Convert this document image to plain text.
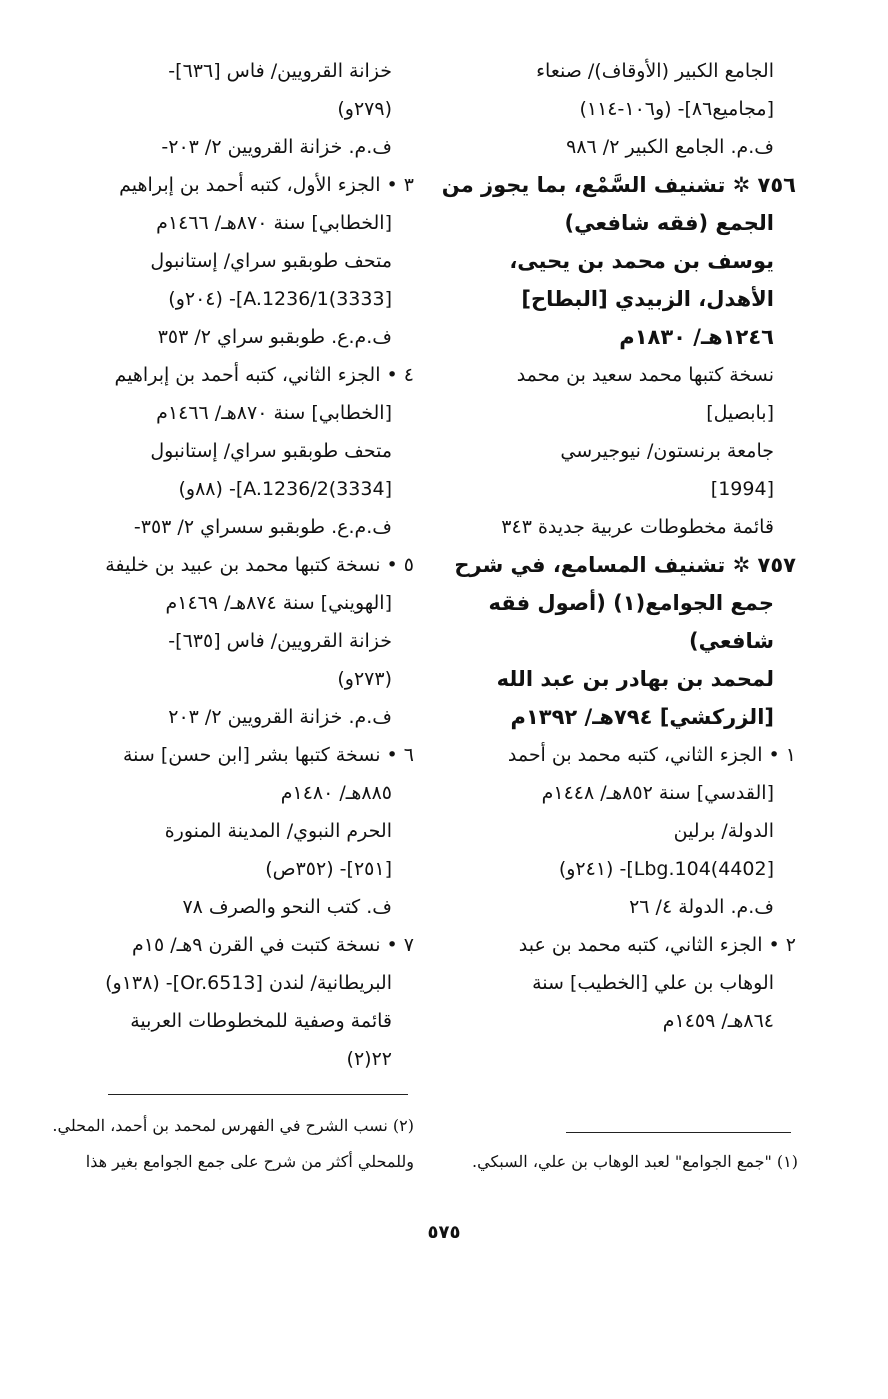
الجامع الكبير (الأوقاف)/ صنعاء
[مجاميع٨٦]- (و١٠٦-١١٤)
ف.م. الجامع الكبير ٢/ ٩٨٦
٧٥٦ ✲ تشنيف السَّمْع، بما يجوز من
الجمع (فقه شافعي)
يوسف بن محمد بن يحيى،
الأهدل، الزبيدي [البطاح]
١٢٤٦هـ/ ١٨٣٠م
نسخة كتبها محمد سعيد بن محمد
[بابصيل]
جامعة برنستون/ نيوجيرسي
[1994]
قائمة مخطوطات عربية جديدة ٣٤٣
٧٥٧ ✲ تشنيف المسامع، في شرح
جمع الجوامع(١) (أصول فقه
شافعي)
لمحمد بن بهادر بن عبد الله
[الزركشي] ٧٩٤هـ/ ١٣٩٢م
١ • الجزء الثاني، كتبه محمد بن أحمد
[القدسي] سنة ٨٥٢هـ/ ١٤٤٨م
الدولة/ برلين
[4402)Lbg.104]- (٢٤١و)
ف.م. الدولة ٤/ ٢٦
٢ • الجزء الثاني، كتبه محمد بن عبد
الوهاب بن علي [الخطيب] سنة
٨٦٤هـ/ ١٤٥٩م
خزانة القرويين/ فاس [٦٣٦]-
(٢٧٩و)
ف.م. خزانة القرويين ٢/ ٢٠٣-
٣ • الجزء الأول، كتبه أحمد بن إبراهيم
[الخطابي] سنة ٨٧٠هـ/ ١٤٦٦م
متحف طوبقبو سراي/ إستانبول
[3333)A.1236/1]- (٢٠٤و)
ف.م.ع. طوبقبو سراي ٢/ ٣٥٣
٤ • الجزء الثاني، كتبه أحمد بن إبراهيم
[الخطابي] سنة ٨٧٠هـ/ ١٤٦٦م
متحف طوبقبو سراي/ إستانبول
[3334)A.1236/2]- (٨٨و)
ف.م.ع. طوبقبو سسراي ٢/ ٣٥٣-
٥ • نسخة كتبها محمد بن عبيد بن خليفة
[الهويني] سنة ٨٧٤هـ/ ١٤٦٩م
خزانة القرويين/ فاس [٦٣٥]-
(٢٧٣و)
ف.م. خزانة القرويين ٢/ ٢٠٣
٦ • نسخة كتبها بشر [ابن حسن] سنة
٨٨٥هـ/ ١٤٨٠م
الحرم النبوي/ المدينة المنورة
[٢٥١]- (٣٥٢ص)
ف. كتب النحو والصرف ٧٨
٧ • نسخة كتبت في القرن ٩هـ/ ١٥م
البريطانية/ لندن [Or.6513]- (١٣٨و)
قائمة وصفية للمخطوطات العربية
٢٢(٢)
(٢) نسب الشرح في الفهرس لمحمد بن أحمد، المحلي.
وللمحلي أكثر من شرح على جمع الجوامع بغير هذا	(١) "جمع الجوامع" لعبد الوهاب بن علي، السبكي.
٥٧٥
